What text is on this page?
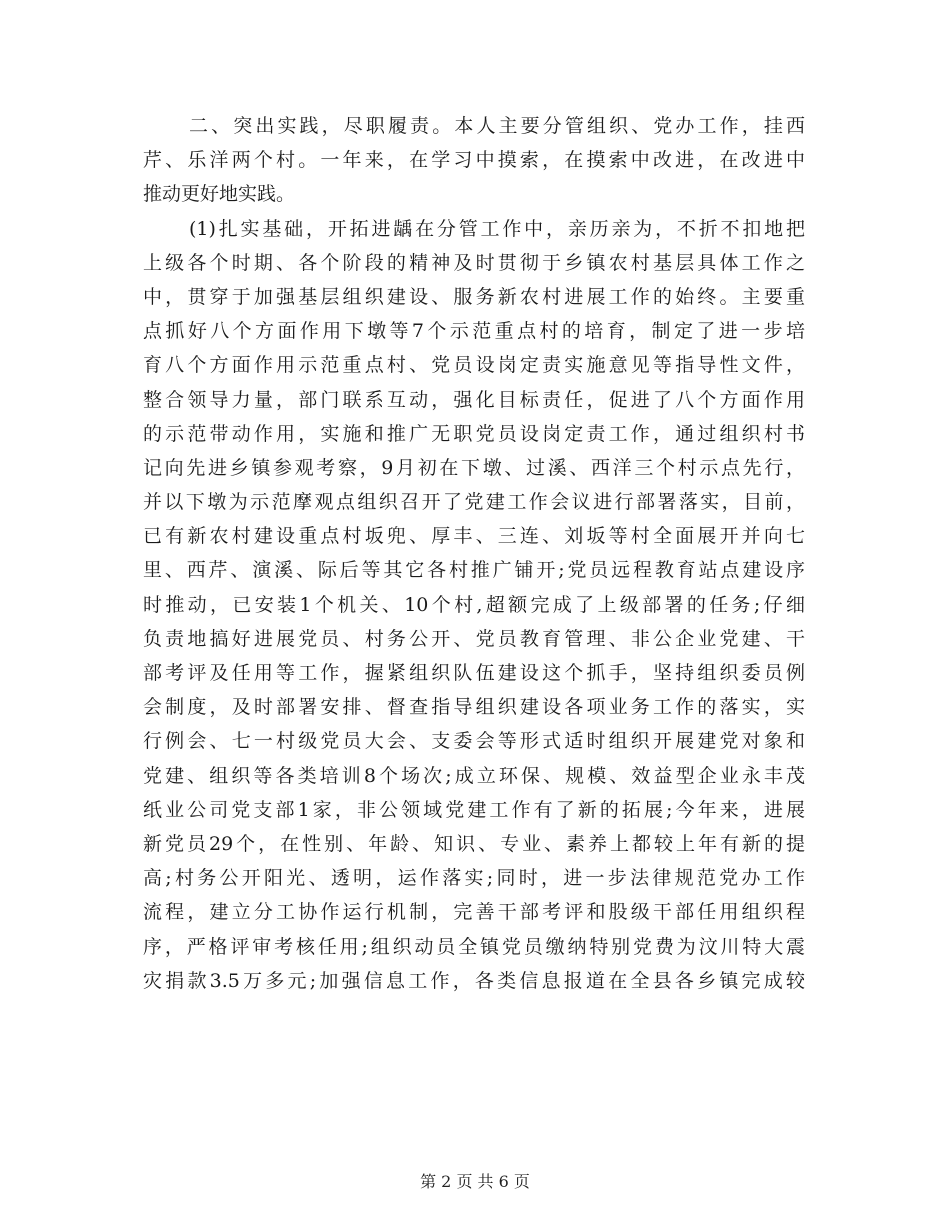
二、突出实践，尽职履责。本人主要分管组织、党办工作，挂西
芹、乐洋两个村。一年来，在学习中摸索，在摸索中改进，在改进中
推动更好地实践。
(1)扎实基础，开拓进龋在分管工作中，亲历亲为，不折不扣地把
上级各个时期、各个阶段的精神及时贯彻于乡镇农村基层具体工作之
中，贯穿于加强基层组织建设、服务新农村进展工作的始终。主要重
点抓好八个方面作用下墩等7个示范重点村的培育，制定了进一步培
育八个方面作用示范重点村、党员设岗定责实施意见等指导性文件，
整合领导力量，部门联系互动，强化目标责任，促进了八个方面作用
的示范带动作用，实施和推广无职党员设岗定责工作，通过组织村书
记向先进乡镇参观考察，9月初在下墩、过溪、西洋三个村示点先行，
并以下墩为示范摩观点组织召开了党建工作会议进行部署落实，目前，
已有新农村建设重点村坂兜、厚丰、三连、刘坂等村全面展开并向七
里、西芹、演溪、际后等其它各村推广铺开;党员远程教育站点建设序
时推动，已安装1个机关、10个村,超额完成了上级部署的任务;仔细
负责地搞好进展党员、村务公开、党员教育管理、非公企业党建、干
部考评及任用等工作，握紧组织队伍建设这个抓手，坚持组织委员例
会制度，及时部署安排、督查指导组织建设各项业务工作的落实，实
行例会、七一村级党员大会、支委会等形式适时组织开展建党对象和
党建、组织等各类培训8个场次;成立环保、规模、效益型企业永丰茂
纸业公司党支部1家，非公领域党建工作有了新的拓展;今年来，进展
新党员29个，在性别、年龄、知识、专业、素养上都较上年有新的提
高;村务公开阳光、透明，运作落实;同时，进一步法律规范党办工作
流程，建立分工协作运行机制，完善干部考评和股级干部任用组织程
序，严格评审考核任用;组织动员全镇党员缴纳特别党费为汶川特大震
灾捐款3.5万多元;加强信息工作，各类信息报道在全县各乡镇完成较
第 2 页 共 6 页
